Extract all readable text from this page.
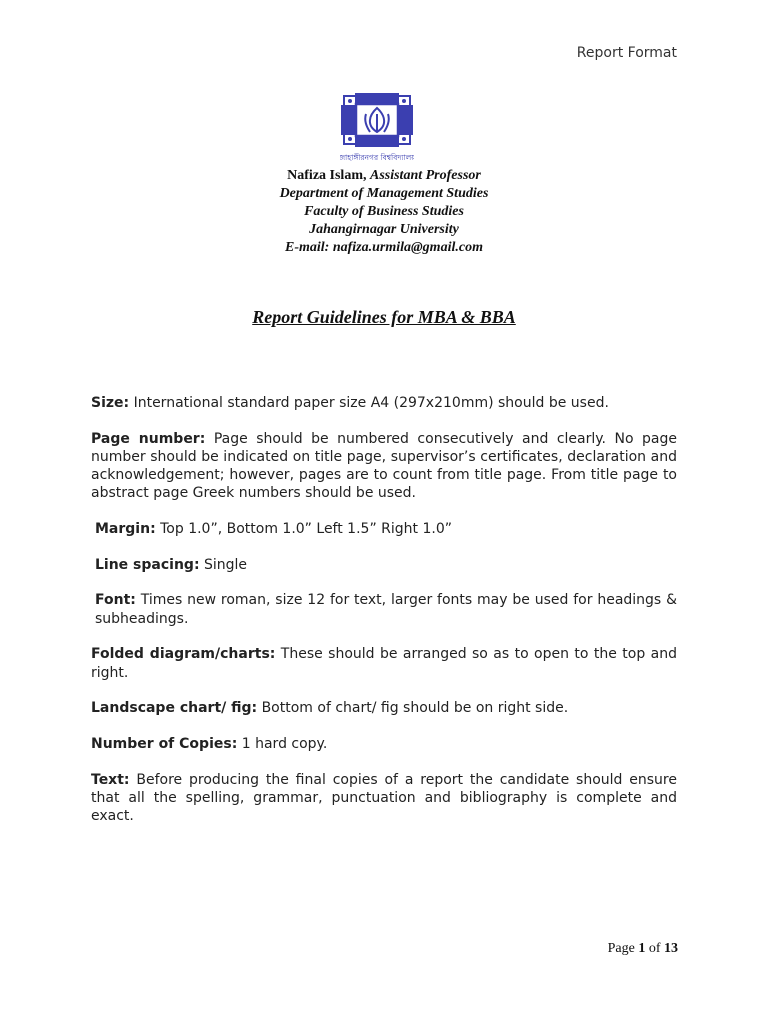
Report Format
জাহাঙ্গীরনগর বিশ্ববিদ্যালয়
Nafiza Islam, Assistant Professor
Department of Management Studies
Faculty of Business Studies
Jahangirnagar University
E-mail: nafiza.urmila@gmail.com
Report Guidelines for MBA & BBA

Size: International standard paper size A4 (297x210mm) should be used.

Page number: Page should be numbered consecutively and clearly. No page number should be indicated on title page, supervisor’s certificates, declaration and acknowledgement; however, pages are to count from title page. From title page to abstract page Greek numbers should be used.

Margin: Top 1.0”, Bottom 1.0” Left 1.5” Right 1.0”

Line spacing: Single

Font: Times new roman, size 12 for text, larger fonts may be used for headings & subheadings.

Folded diagram/charts: These should be arranged so as to open to the top and right.

Landscape chart/ fig: Bottom of chart/ fig should be on right side.

Number of Copies: 1 hard copy.

Text: Before producing the final copies of a report the candidate should ensure that all the spelling, grammar, punctuation and bibliography is complete and exact.

Page 1 of 13
